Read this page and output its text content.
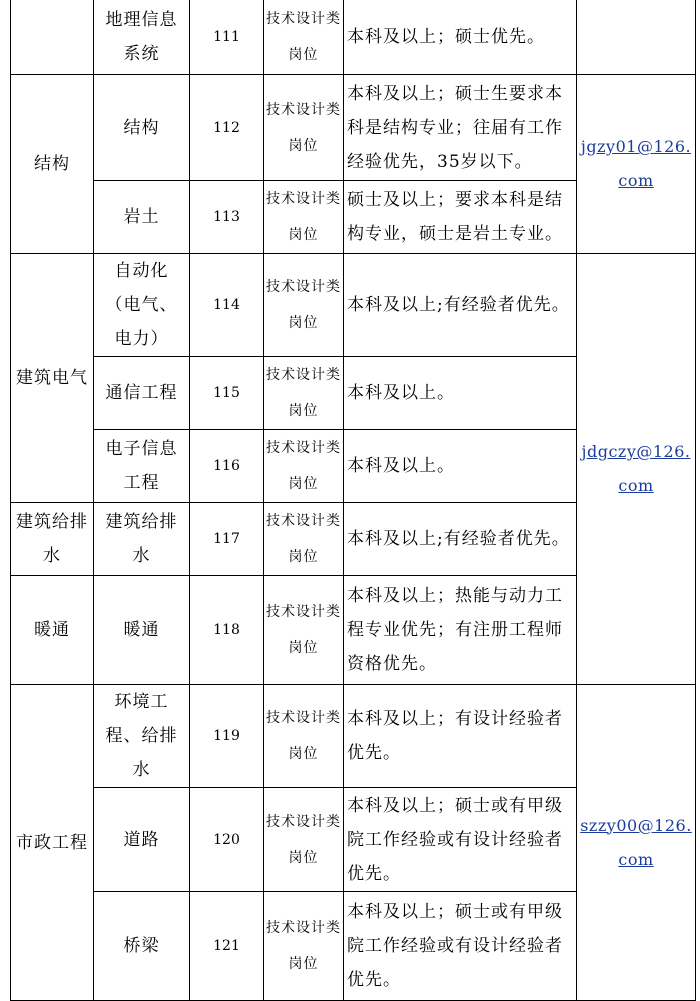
	地理信息系统	111	技术设计类岗位	本科及以上；硕士优先。	
结构	结构	112	技术设计类岗位	本科及以上；硕士生要求本科是结构专业；往届有工作经验优先，35岁以下。	jgzy01@126.com
	岩土	113	技术设计类岗位	硕士及以上；要求本科是结构专业，硕士是岩土专业。	
建筑电气	自动化（电气、电力）	114	技术设计类岗位	本科及以上;有经验者优先。	jdgczy@126.com
	通信工程	115	技术设计类岗位	本科及以上。	
	电子信息工程	116	技术设计类岗位	本科及以上。	
建筑给排水	建筑给排水	117	技术设计类岗位	本科及以上;有经验者优先。	
暖通	暖通	118	技术设计类岗位	本科及以上；热能与动力工程专业优先；有注册工程师资格优先。	
市政工程	环境工程、给排水	119	技术设计类岗位	本科及以上；有设计经验者优先。	szzy00@126.com
	道路	120	技术设计类岗位	本科及以上；硕士或有甲级院工作经验或有设计经验者优先。	
	桥梁	121	技术设计类岗位	本科及以上；硕士或有甲级院工作经验或有设计经验者优先。	
